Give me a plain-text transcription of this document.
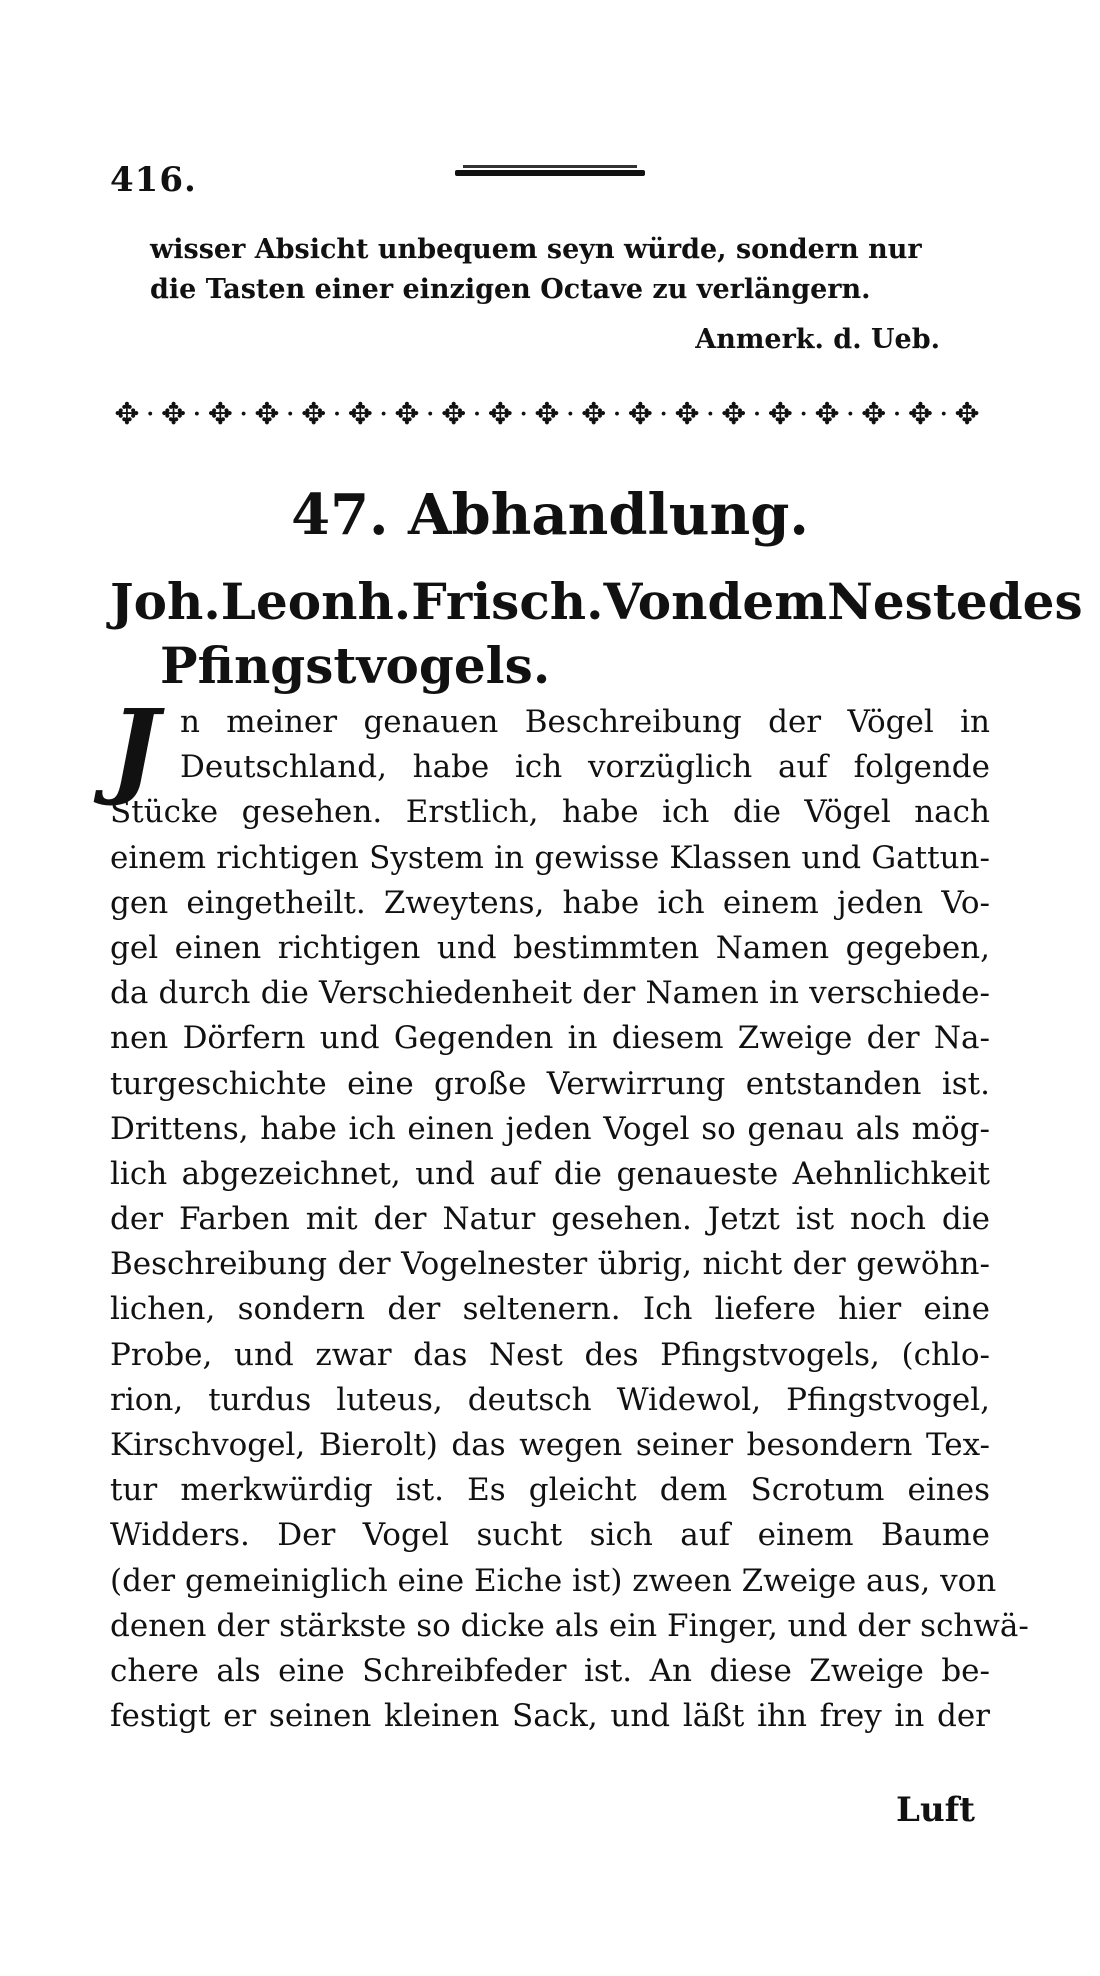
416.
wisser Absicht unbequem seyn würde, sondern nur
die Tasten einer einzigen Octave zu verlängern.
Anmerk. d. Ueb.
✥·✥·✥·✥·✥·✥·✥·✥·✥·✥·✥·✥·✥·✥·✥·✥·✥·✥·✥
47. Abhandlung.
Joh. Leonh. Frisch. Von dem Neste des
Pfingstvogels.
J n meiner genauen Beschreibung der Vögel in
Deutschland, habe ich vorzüglich auf folgende
Stücke gesehen. Erstlich, habe ich die Vögel nach
einem richtigen System in gewisse Klassen und Gattun-
gen eingetheilt. Zweytens, habe ich einem jeden Vo-
gel einen richtigen und bestimmten Namen gegeben,
da durch die Verschiedenheit der Namen in verschiede-
nen Dörfern und Gegenden in diesem Zweige der Na-
turgeschichte eine große Verwirrung entstanden ist.
Drittens, habe ich einen jeden Vogel so genau als mög-
lich abgezeichnet, und auf die genaueste Aehnlichkeit
der Farben mit der Natur gesehen. Jetzt ist noch die
Beschreibung der Vogelnester übrig, nicht der gewöhn-
lichen, sondern der seltenern. Ich liefere hier eine
Probe, und zwar das Nest des Pfingstvogels, (chlo-
rion, turdus luteus, deutsch Widewol, Pfingstvogel,
Kirschvogel, Bierolt) das wegen seiner besondern Tex-
tur merkwürdig ist. Es gleicht dem Scrotum eines
Widders. Der Vogel sucht sich auf einem Baume
(der gemeiniglich eine Eiche ist) zween Zweige aus, von
denen der stärkste so dicke als ein Finger, und der schwä-
chere als eine Schreibfeder ist. An diese Zweige be-
festigt er seinen kleinen Sack, und läßt ihn frey in der
Luft
